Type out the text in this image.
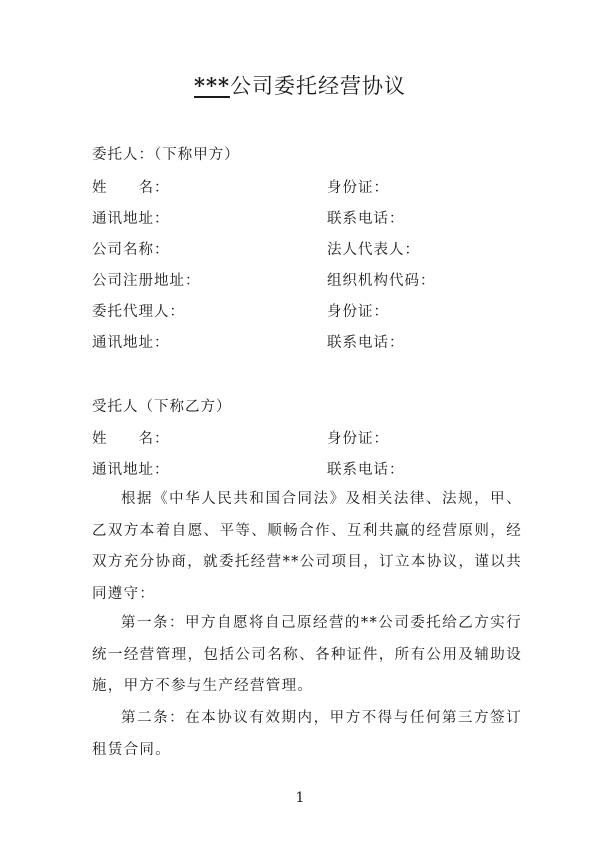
***公司委托经营协议
委托人：（下称甲方）
姓　　名：	身份证：
通讯地址：	联系电话：
公司名称：	法人代表人：
公司注册地址：	组织机构代码：
委托代理人：	身份证：
通讯地址：	联系电话：
受托人（下称乙方）
姓　　名：	身份证：
通讯地址：	联系电话：
根据《中华人民共和国合同法》及相关法律、法规，甲、乙双方本着自愿、平等、顺畅合作、互利共赢的经营原则，经双方充分协商，就委托经营**公司项目，订立本协议，谨以共同遵守：
第一条：甲方自愿将自己原经营的**公司委托给乙方实行统一经营管理，包括公司名称、各种证件，所有公用及辅助设施，甲方不参与生产经营管理。
第二条：在本协议有效期内，甲方不得与任何第三方签订租赁合同。
1
